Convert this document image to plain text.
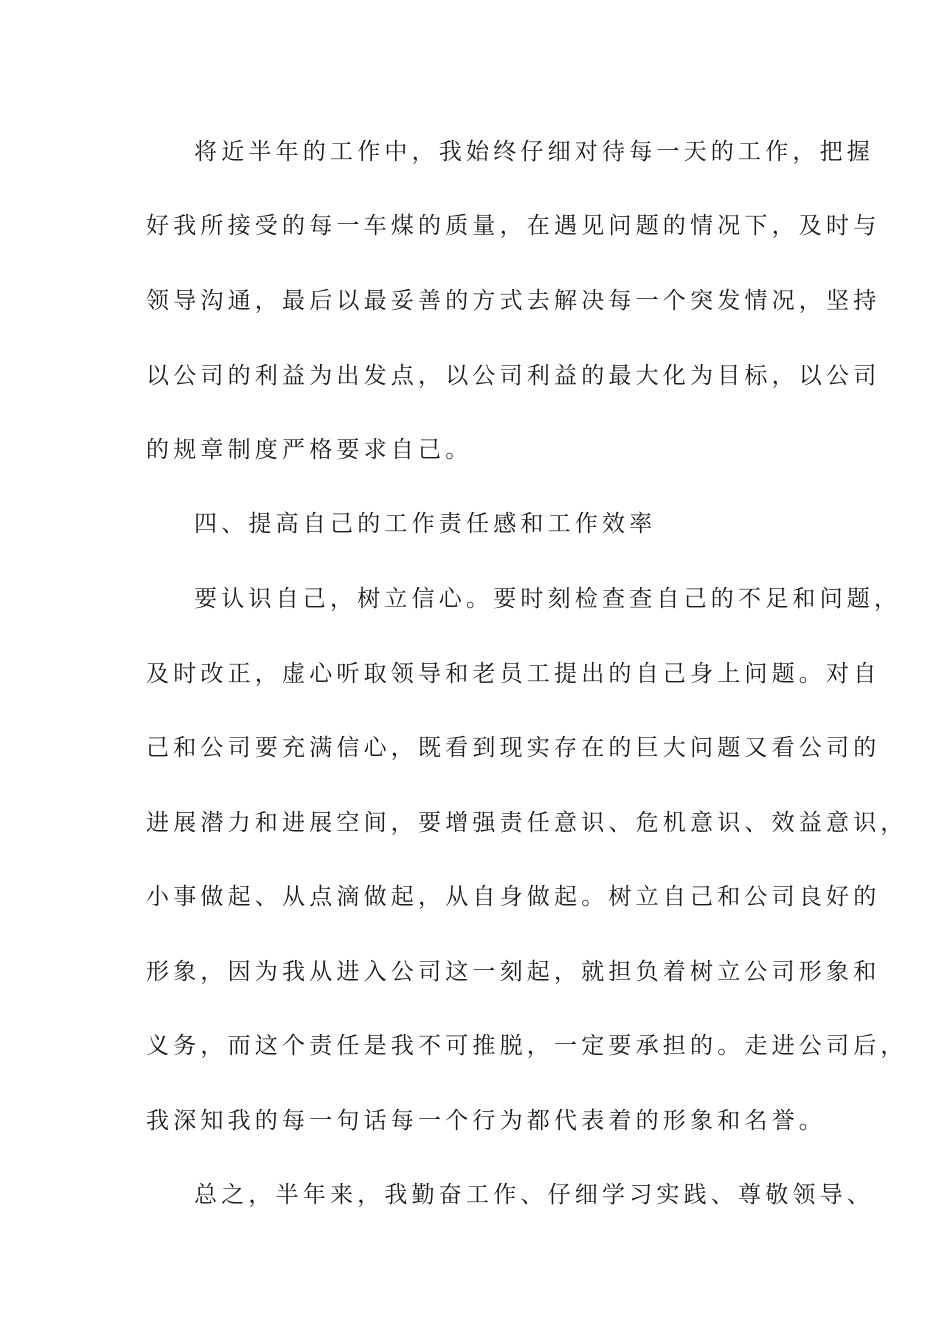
将近半年的工作中，我始终仔细对待每一天的工作，把握
好我所接受的每一车煤的质量，在遇见问题的情况下，及时与
领导沟通，最后以最妥善的方式去解决每一个突发情况，坚持
以公司的利益为出发点，以公司利益的最大化为目标，以公司
的规章制度严格要求自己。
四、提高自己的工作责任感和工作效率
要认识自己，树立信心。要时刻检查查自己的不足和问题，
及时改正，虚心听取领导和老员工提出的自己身上问题。对自
己和公司要充满信心，既看到现实存在的巨大问题又看公司的
进展潜力和进展空间，要增强责任意识、危机意识、效益意识，
小事做起、从点滴做起，从自身做起。树立自己和公司良好的
形象，因为我从进入公司这一刻起，就担负着树立公司形象和
义务，而这个责任是我不可推脱，一定要承担的。走进公司后，
我深知我的每一句话每一个行为都代表着的形象和名誉。
总之，半年来，我勤奋工作、仔细学习实践、尊敬领导、
